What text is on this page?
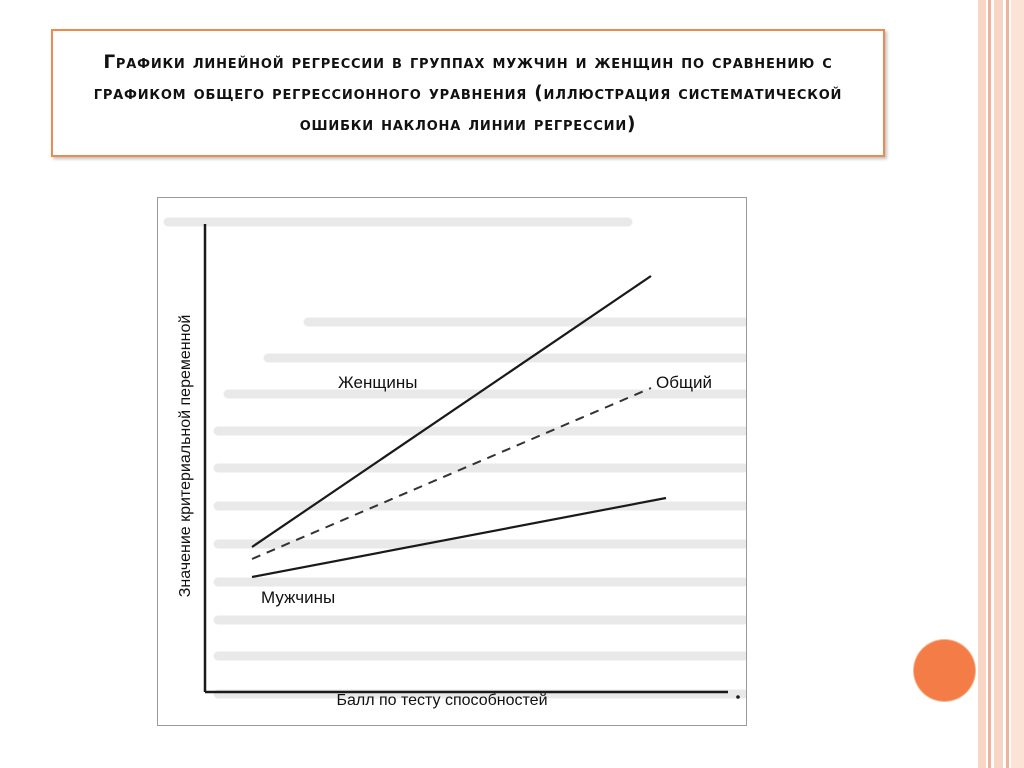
Графики линейной регрессии в группах мужчин и женщин по сравнению с графиком общего регрессионного уравнения (иллюстрация систематической ошибки наклона линии регрессии)

Женщины	Общий
Мужчины
Значение критериальной переменной
Балл по тесту способностей
